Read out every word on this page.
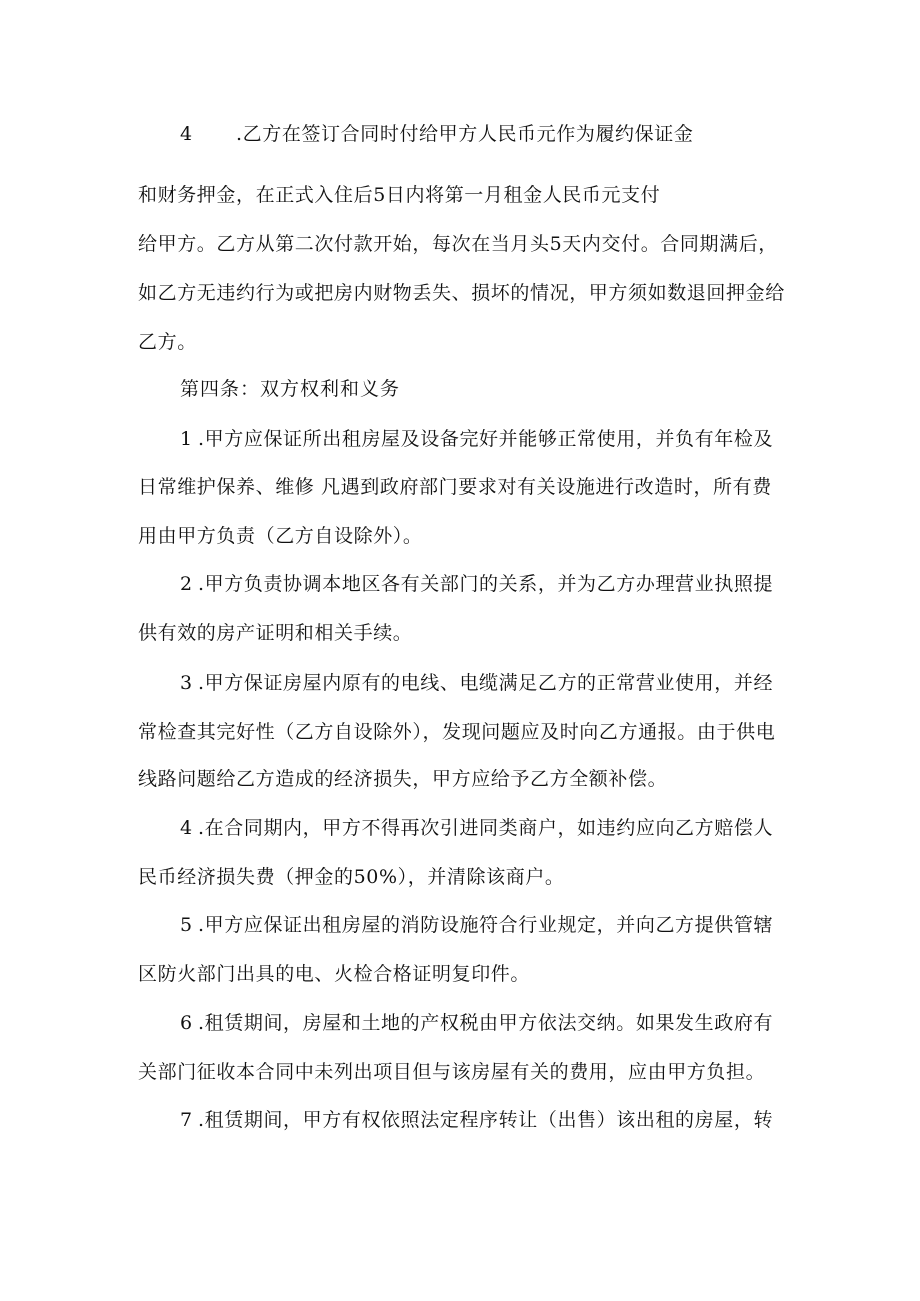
4 .乙方在签订合同时付给甲方人民币元作为履约保证金
和财务押金，在正式入住后5日内将第一月租金人民币元支付
给甲方。乙方从第二次付款开始，每次在当月头5天内交付。合同期满后，
如乙方无违约行为或把房内财物丢失、损坏的情况，甲方须如数退回押金给
乙方。
第四条：双方权利和义务
1 .甲方应保证所出租房屋及设备完好并能够正常使用，并负有年检及
日常维护保养、维修 凡遇到政府部门要求对有关设施进行改造时，所有费
用由甲方负责（乙方自设除外）。
2 .甲方负责协调本地区各有关部门的关系，并为乙方办理营业执照提
供有效的房产证明和相关手续。
3 .甲方保证房屋内原有的电线、电缆满足乙方的正常营业使用，并经
常检查其完好性（乙方自设除外），发现问题应及时向乙方通报。由于供电
线路问题给乙方造成的经济损失，甲方应给予乙方全额补偿。
4 .在合同期内，甲方不得再次引进同类商户，如违约应向乙方赔偿人
民币经济损失费（押金的50%），并清除该商户。
5 .甲方应保证出租房屋的消防设施符合行业规定，并向乙方提供管辖
区防火部门出具的电、火检合格证明复印件。
6 .租赁期间，房屋和土地的产权税由甲方依法交纳。如果发生政府有
关部门征收本合同中未列出项目但与该房屋有关的费用，应由甲方负担。
7 .租赁期间，甲方有权依照法定程序转让（出售）该出租的房屋，转
